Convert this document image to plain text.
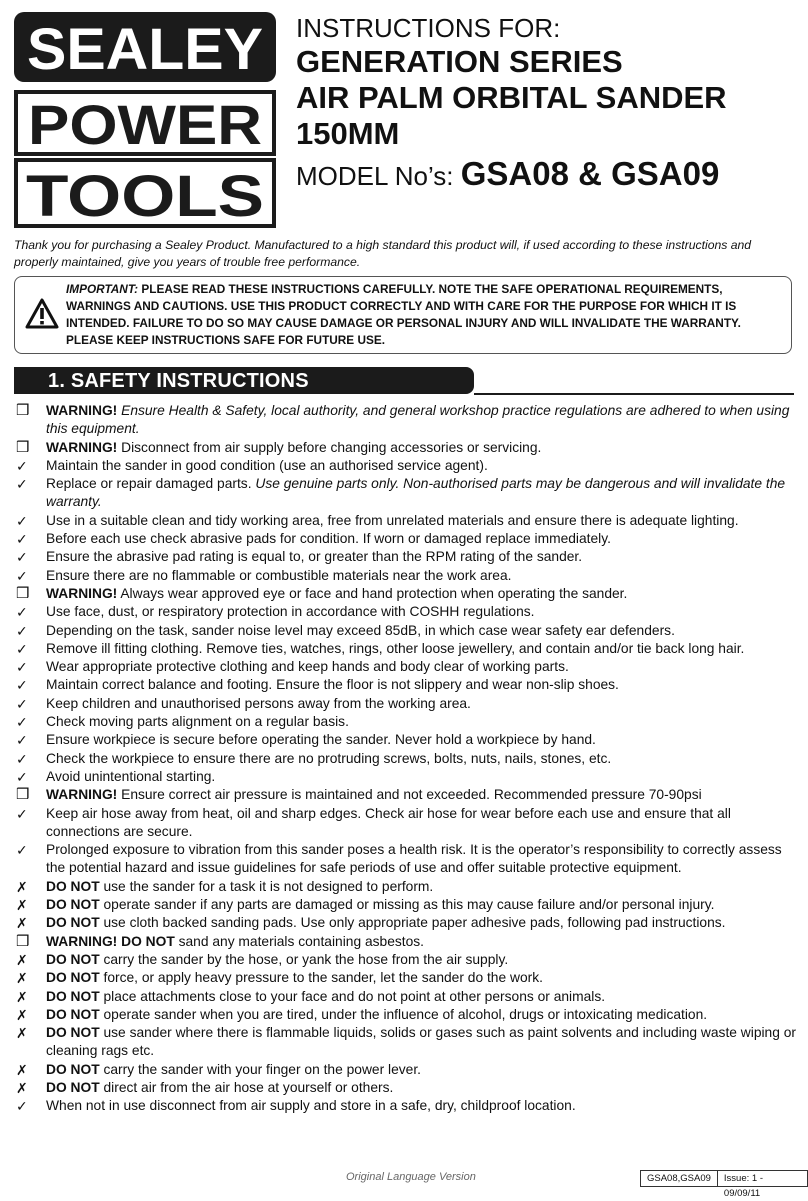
SEALEY
POWER
TOOLS
INSTRUCTIONS FOR:
GENERATION SERIES
AIR PALM ORBITAL SANDER
150MM
MODEL No’s: GSA08 & GSA09
Thank you for purchasing a Sealey Product. Manufactured to a high standard this product will, if used according to these instructions and properly maintained, give you years of trouble free performance.
IMPORTANT: PLEASE READ THESE INSTRUCTIONS CAREFULLY. NOTE THE SAFE OPERATIONAL REQUIREMENTS, WARNINGS AND CAUTIONS. USE THIS PRODUCT CORRECTLY AND WITH CARE FOR THE PURPOSE FOR WHICH IT IS INTENDED. FAILURE TO DO SO MAY CAUSE DAMAGE OR PERSONAL INJURY AND WILL INVALIDATE THE WARRANTY. PLEASE KEEP INSTRUCTIONS SAFE FOR FUTURE USE.
1. SAFETY INSTRUCTIONS
❒	WARNING! Ensure Health & Safety, local authority, and general workshop practice regulations are adhered to when using this equipment.
❒	WARNING! Disconnect from air supply before changing accessories or servicing.
✓	Maintain the sander in good condition (use an authorised service agent).
✓	Replace or repair damaged parts. Use genuine parts only. Non-authorised parts may be dangerous and will invalidate the warranty.
✓	Use in a suitable clean and tidy working area, free from unrelated materials and ensure there is adequate lighting.
✓	Before each use check abrasive pads for condition. If worn or damaged replace immediately.
✓	Ensure the abrasive pad rating is equal to, or greater than the RPM rating of the sander.
✓	Ensure there are no flammable or combustible materials near the work area.
❒	WARNING! Always wear approved eye or face and hand protection when operating the sander.
✓	Use face, dust, or respiratory protection in accordance with COSHH regulations.
✓	Depending on the task, sander noise level may exceed 85dB, in which case wear safety ear defenders.
✓	Remove ill fitting clothing. Remove ties, watches, rings, other loose jewellery, and contain and/or tie back long hair.
✓	Wear appropriate protective clothing and keep hands and body clear of working parts.
✓	Maintain correct balance and footing. Ensure the floor is not slippery and wear non-slip shoes.
✓	Keep children and unauthorised persons away from the working area.
✓	Check moving parts alignment on a regular basis.
✓	Ensure workpiece is secure before operating the sander. Never hold a workpiece by hand.
✓	Check the workpiece to ensure there are no protruding screws, bolts, nuts, nails, stones, etc.
✓	Avoid unintentional starting.
❒	WARNING! Ensure correct air pressure is maintained and not exceeded. Recommended pressure 70-90psi
✓	Keep air hose away from heat, oil and sharp edges. Check air hose for wear before each use and ensure that all connections are secure.
✓	Prolonged exposure to vibration from this sander poses a health risk. It is the operator’s responsibility to correctly assess the potential hazard and issue guidelines for safe periods of use and offer suitable protective equipment.
✗	DO NOT use the sander for a task it is not designed to perform.
✗	DO NOT operate sander if any parts are damaged or missing as this may cause failure and/or personal injury.
✗	DO NOT use cloth backed sanding pads. Use only appropriate paper adhesive pads, following pad instructions.
❒	WARNING! DO NOT sand any materials containing asbestos.
✗	DO NOT carry the sander by the hose, or yank the hose from the air supply.
✗	DO NOT force, or apply heavy pressure to the sander, let the sander do the work.
✗	DO NOT place attachments close to your face and do not point at other persons or animals.
✗	DO NOT operate sander when you are tired, under the influence of alcohol, drugs or intoxicating medication.
✗	DO NOT use sander where there is flammable liquids, solids or gases such as paint solvents and including waste wiping or cleaning rags etc.
✗	DO NOT carry the sander with your finger on the power lever.
✗	DO NOT direct air from the air hose at yourself or others.
✓	When not in use disconnect from air supply and store in a safe, dry, childproof location.
Original Language Version	GSA08,GSA09	Issue: 1 - 09/09/11
